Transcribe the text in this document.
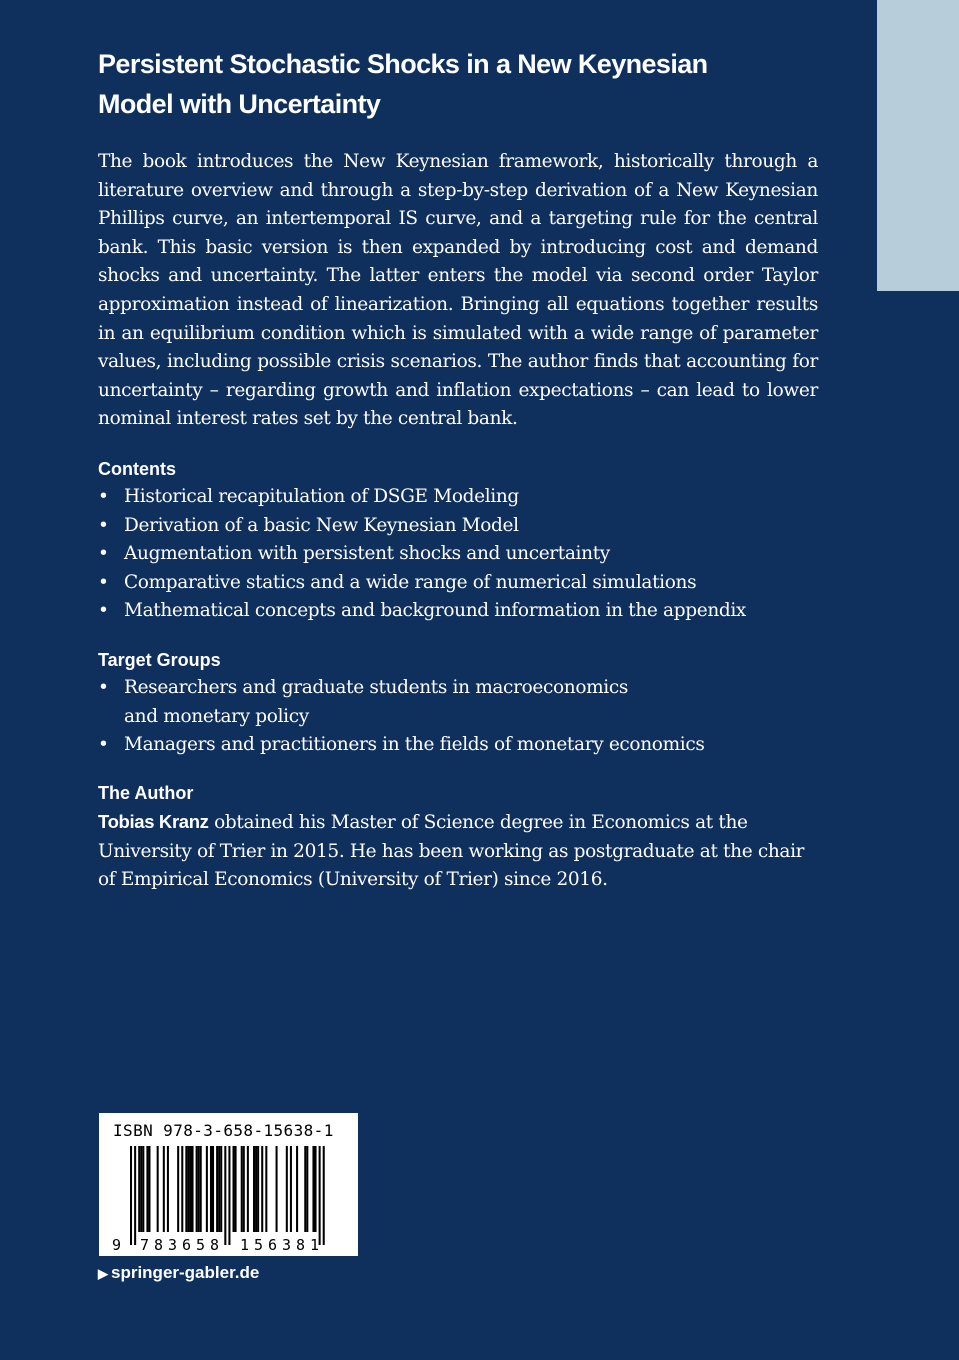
Persistent Stochastic Shocks in a New Keynesian
Model with Uncertainty

The book introduces the New Keynesian framework, historically through a literature overview and through a step-by-step derivation of a New Keynesian Phillips curve, an intertemporal IS curve, and a targeting rule for the central bank. This basic version is then expanded by introducing cost and demand shocks and uncertainty. The latter enters the model via second order Taylor approximation instead of linearization. Bringing all equations together results in an equilibrium condition which is simulated with a wide range of parameter values, including possible crisis scenarios. The author finds that accounting for uncertainty – regarding growth and inflation expectations – can lead to lower nominal interest rates set by the central bank.

Contents
• Historical recapitulation of DSGE Modeling
• Derivation of a basic New Keynesian Model
• Augmentation with persistent shocks and uncertainty
• Comparative statics and a wide range of numerical simulations
• Mathematical concepts and background information in the appendix
Target Groups
• Researchers and graduate students in macroeconomics
and monetary policy
• Managers and practitioners in the fields of monetary economics
The Author

Tobias Kranz obtained his Master of Science degree in Economics at the University of Trier in 2015. He has been working as postgraduate at the chair of Empirical Economics (University of Trier) since 2016.

ISBN 978-3-658-15638-1
9 783658 156381
▶ springer-gabler.de
